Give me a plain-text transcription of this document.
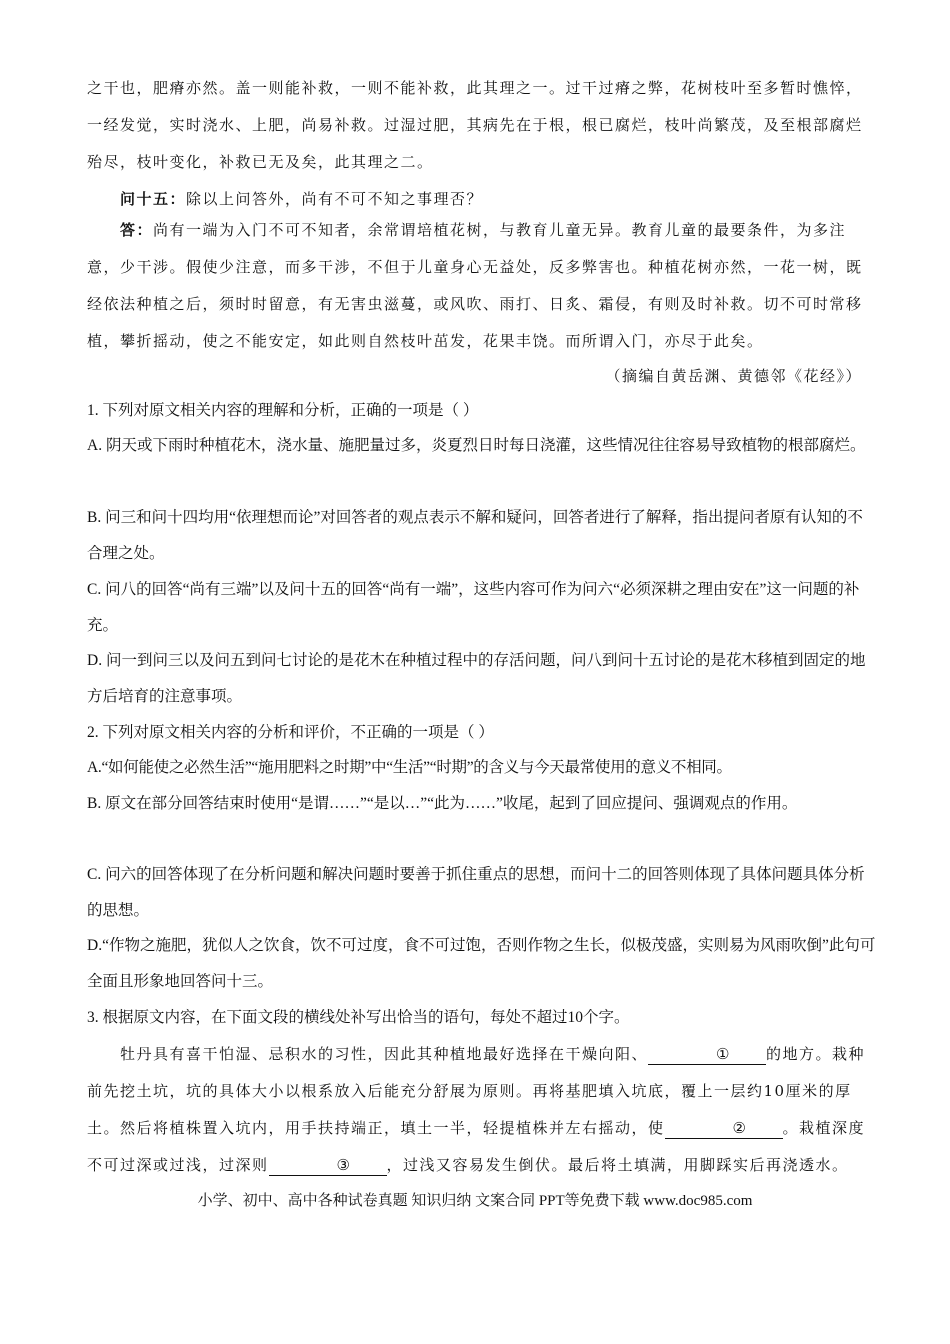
之干也，肥瘠亦然。盖一则能补救，一则不能补救，此其理之一。过干过瘠之弊，花树枝叶至多暂时憔悴，一经发觉，实时浇水、上肥，尚易补救。过湿过肥，其病先在于根，根已腐烂，枝叶尚繁茂，及至根部腐烂殆尽，枝叶变化，补救已无及矣，此其理之二。

问十五：除以上问答外，尚有不可不知之事理否？

答：尚有一端为入门不可不知者，余常谓培植花树，与教育儿童无异。教育儿童的最要条件，为多注意，少干涉。假使少注意，而多干涉，不但于儿童身心无益处，反多弊害也。种植花树亦然，一花一树，既经依法种植之后，须时时留意，有无害虫滋蔓，或风吹、雨打、日炙、霜侵，有则及时补救。切不可时常移植，攀折摇动，使之不能安定，如此则自然枝叶茁发，花果丰饶。而所谓入门，亦尽于此矣。

（摘编自黄岳渊、黄德邻《花经》）

1. 下列对原文相关内容的理解和分析，正确的一项是（ ）

A. 阴天或下雨时种植花木，浇水量、施肥量过多，炎夏烈日时每日浇灌，这些情况往往容易导致植物的根部腐烂。

B. 问三和问十四均用“依理想而论”对回答者的观点表示不解和疑问，回答者进行了解释，指出提问者原有认知的不合理之处。

C. 问八的回答“尚有三端”以及问十五的回答“尚有一端”，这些内容可作为问六“必须深耕之理由安在”这一问题的补充。

D. 问一到问三以及问五到问七讨论的是花木在种植过程中的存活问题，问八到问十五讨论的是花木移植到固定的地方后培育的注意事项。

2. 下列对原文相关内容的分析和评价，不正确的一项是（ ）

A.“如何能使之必然生活”“施用肥料之时期”中“生活”“时期”的含义与今天最常使用的意义不相同。

B. 原文在部分回答结束时使用“是谓……”“是以…”“此为……”收尾，起到了回应提问、强调观点的作用。

C. 问六的回答体现了在分析问题和解决问题时要善于抓住重点的思想，而问十二的回答则体现了具体问题具体分析的思想。

D.“作物之施肥，犹似人之饮食，饮不可过度，食不可过饱，否则作物之生长，似极茂盛，实则易为风雨吹倒”此句可全面且形象地回答问十三。

3. 根据原文内容，在下面文段的横线处补写出恰当的语句，每处不超过10个字。

牡丹具有喜干怕湿、忌积水的习性，因此其种植地最好选择在干燥向阳、	① 的地方。栽种前先挖土坑，坑的具体大小以根系放入后能充分舒展为原则。再将基肥填入坑底，覆上一层约10厘米的厚土。然后将植株置入坑内，用手扶持端正，填土一半，轻提植株并左右摇动，使	② 。栽植深度不可过深或过浅，过深则	③ ，过浅又容易发生倒伏。最后将土填满，用脚踩实后再浇透水。

小学、初中、高中各种试卷真题 知识归纳 文案合同 PPT等免费下载 www.doc985.com
